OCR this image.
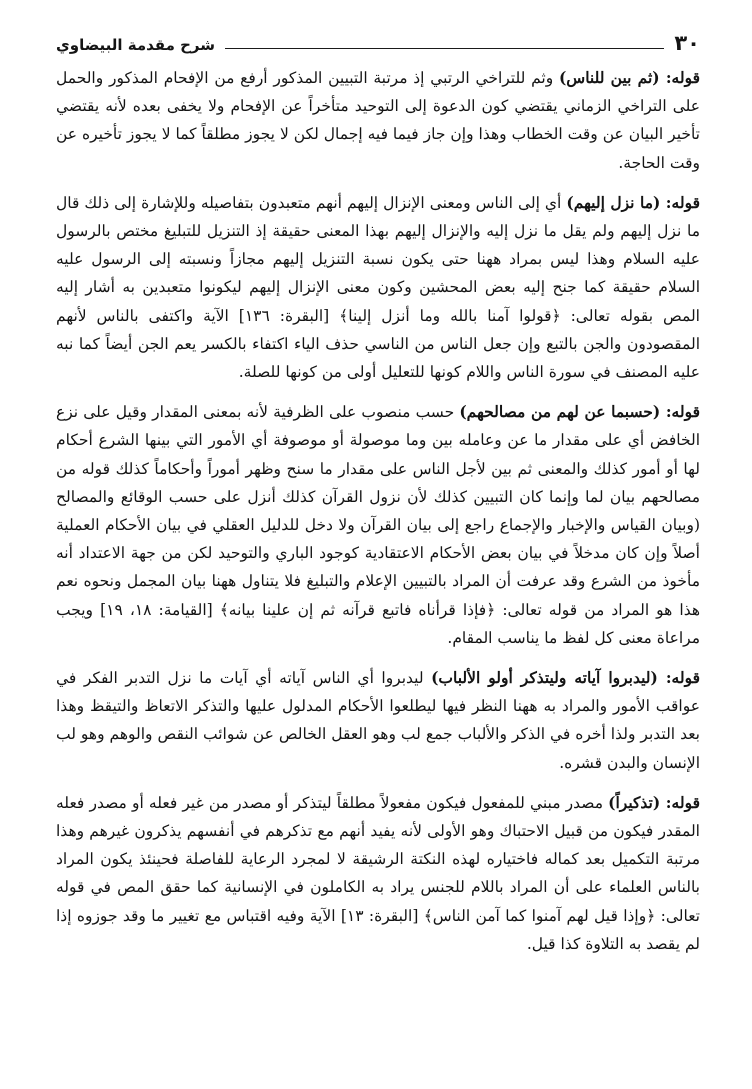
٣٠
شرح مقدمة البيضاوي

قوله: (ثم بين للناس) وثم للتراخي الرتبي إذ مرتبة التبيين المذكور أرفع من الإفحام المذكور والحمل على التراخي الزماني يقتضي كون الدعوة إلى التوحيد متأخراً عن الإفحام ولا يخفى بعده لأنه يقتضي تأخير البيان عن وقت الخطاب وهذا وإن جاز فيما فيه إجمال لكن لا يجوز مطلقاً كما لا يجوز تأخيره عن وقت الحاجة.

قوله: (ما نزل إليهم) أي إلى الناس ومعنى الإنزال إليهم أنهم متعبدون بتفاصيله وللإشارة إلى ذلك قال ما نزل إليهم ولم يقل ما نزل إليه والإنزال إليهم بهذا المعنى حقيقة إذ التنزيل للتبليغ مختص بالرسول عليه السلام وهذا ليس بمراد ههنا حتى يكون نسبة التنزيل إليهم مجازاً ونسبته إلى الرسول عليه السلام حقيقة كما جنح إليه بعض المحشين وكون معنى الإنزال إليهم ليكونوا متعبدين به أشار إليه المص بقوله تعالى: ﴿قولوا آمنا بالله وما أنزل إلينا﴾ [البقرة: ١٣٦] الآية واكتفى بالناس لأنهم المقصودون والجن بالتبع وإن جعل الناس من الناسي حذف الياء اكتفاء بالكسر يعم الجن أيضاً كما نبه عليه المصنف في سورة الناس واللام كونها للتعليل أولى من كونها للصلة.

قوله: (حسبما عن لهم من مصالحهم) حسب منصوب على الظرفية لأنه بمعنى المقدار وقيل على نزع الخافض أي على مقدار ما عن وعامله بين وما موصولة أو موصوفة أي الأمور التي بينها الشرع أحكام لها أو أمور كذلك والمعنى ثم بين لأجل الناس على مقدار ما سنح وظهر أموراً وأحكاماً كذلك قوله من مصالحهم بيان لما وإنما كان التبيين كذلك لأن نزول القرآن كذلك أنزل على حسب الوقائع والمصالح (وبيان القياس والإخبار والإجماع راجع إلى بيان القرآن ولا دخل للدليل العقلي في بيان الأحكام العملية أصلاً وإن كان مدخلاً في بيان بعض الأحكام الاعتقادية كوجود الباري والتوحيد لكن من جهة الاعتداد أنه مأخوذ من الشرع وقد عرفت أن المراد بالتبيين الإعلام والتبليغ فلا يتناول ههنا بيان المجمل ونحوه نعم هذا هو المراد من قوله تعالى: ﴿فإذا قرأناه فاتبع قرآنه ثم إن علينا بيانه﴾ [القيامة: ١٨، ١٩] ويجب مراعاة معنى كل لفظ ما يناسب المقام.

قوله: (ليدبروا آياته وليتذكر أولو الألباب) ليدبروا أي الناس آياته أي آيات ما نزل التدبر الفكر في عواقب الأمور والمراد به ههنا النظر فيها ليطلعوا الأحكام المدلول عليها والتذكر الاتعاظ والتيقظ وهذا بعد التدبر ولذا أخره في الذكر والألباب جمع لب وهو العقل الخالص عن شوائب النقص والوهم وهو لب الإنسان والبدن قشره.

قوله: (تذكيراً) مصدر مبني للمفعول فيكون مفعولاً مطلقاً ليتذكر أو مصدر من غير فعله أو مصدر فعله المقدر فيكون من قبيل الاحتباك وهو الأولى لأنه يفيد أنهم مع تذكرهم في أنفسهم يذكرون غيرهم وهذا مرتبة التكميل بعد كماله فاختياره لهذه النكتة الرشيقة لا لمجرد الرعاية للفاصلة فحينئذ يكون المراد بالناس العلماء على أن المراد باللام للجنس يراد به الكاملون في الإنسانية كما حقق المص في قوله تعالى: ﴿وإذا قيل لهم آمنوا كما آمن الناس﴾ [البقرة: ١٣] الآية وفيه اقتباس مع تغيير ما وقد جوزوه إذا لم يقصد به التلاوة كذا قيل.
